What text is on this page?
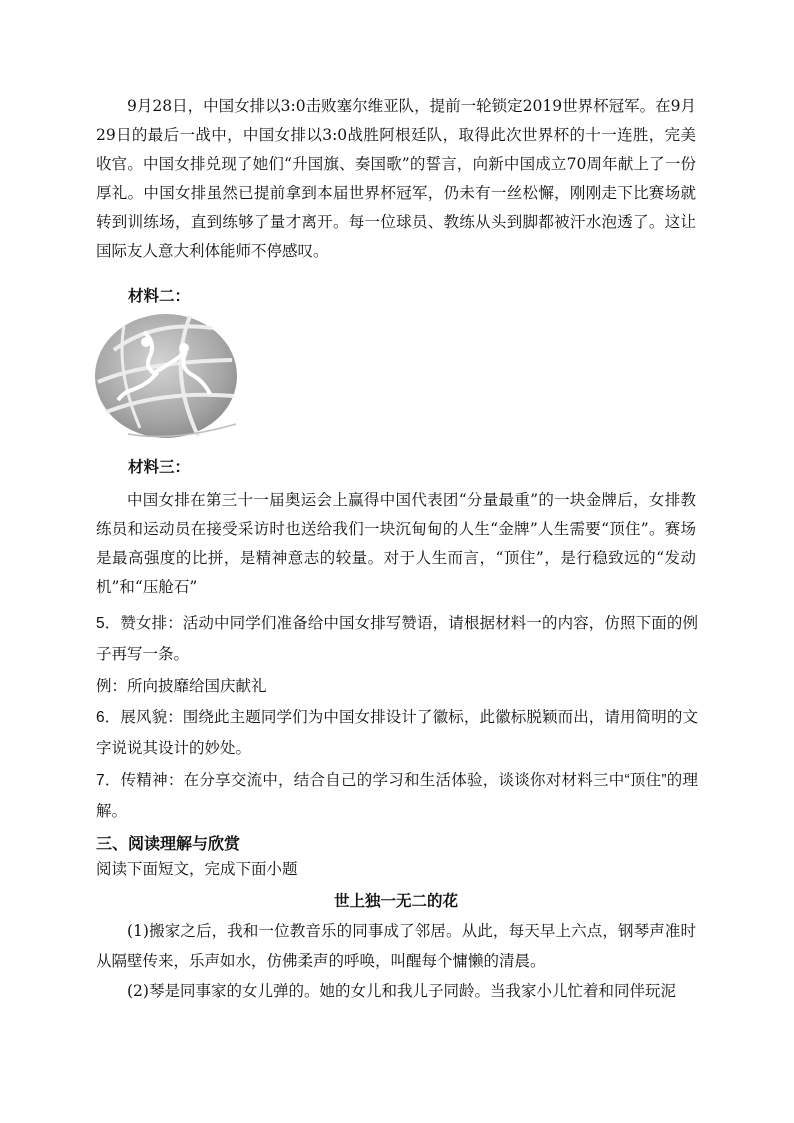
9月28日，中国女排以3:0击败塞尔维亚队，提前一轮锁定2019世界杯冠军。在9月29日的最后一战中，中国女排以3:0战胜阿根廷队，取得此次世界杯的十一连胜，完美收官。中国女排兑现了她们“升国旗、奏国歌”的誓言，向新中国成立70周年献上了一份厚礼。中国女排虽然已提前拿到本届世界杯冠军，仍未有一丝松懈，刚刚走下比赛场就转到训练场，直到练够了量才离开。每一位球员、教练从头到脚都被汗水泡透了。这让国际友人意大利体能师不停感叹。

材料二：

材料三：

中国女排在第三十一届奥运会上赢得中国代表团“分量最重”的一块金牌后，女排教练员和运动员在接受采访时也送给我们一块沉甸甸的人生“金牌”人生需要“顶住”。赛场是最高强度的比拼，是精神意志的较量。对于人生而言，“顶住”，是行稳致远的“发动机”和“压舱石”

5．赞女排：活动中同学们准备给中国女排写赞语，请根据材料一的内容，仿照下面的例子再写一条。

例：所向披靡给国庆献礼

6．展风貌：围绕此主题同学们为中国女排设计了徽标，此徽标脱颖而出，请用简明的文字说说其设计的妙处。

7．传精神：在分享交流中，结合自己的学习和生活体验，谈谈你对材料三中“顶住”的理解。

三、阅读理解与欣赏

阅读下面短文，完成下面小题

世上独一无二的花

(1)搬家之后，我和一位教音乐的同事成了邻居。从此，每天早上六点，钢琴声准时从隔壁传来，乐声如水，仿佛柔声的呼唤，叫醒每个慵懒的清晨。

(2)琴是同事家的女儿弹的。她的女儿和我儿子同龄。当我家小儿忙着和同伴玩泥
